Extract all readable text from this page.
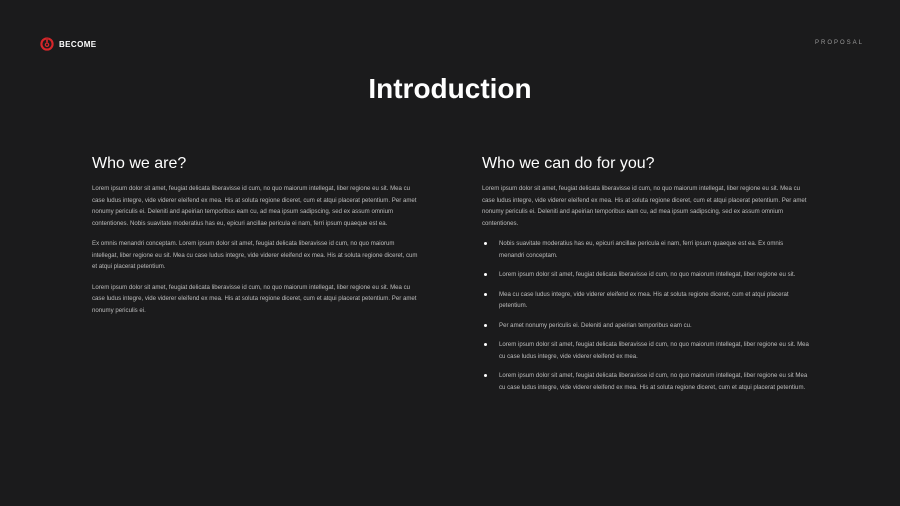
BECOME	PROPOSAL
Introduction
Who we are?

Lorem ipsum dolor sit amet, feugiat delicata liberavisse id cum, no quo maiorum intellegat, liber regione eu sit. Mea cu case ludus integre, vide viderer eleifend ex mea. His at soluta regione diceret, cum et atqui placerat petentium. Per amet nonumy periculis ei. Deleniti and apeirian temporibus eam cu, ad mea ipsum sadipscing, sed ex assum omnium contentiones. Nobis suavitate moderatius has eu, epicuri ancillae pericula ei nam, ferri ipsum quaeque est ea.

Ex omnis menandri conceptam. Lorem ipsum dolor sit amet, feugiat delicata liberavisse id cum, no quo maiorum intellegat, liber regione eu sit. Mea cu case ludus integre, vide viderer eleifend ex mea. His at soluta regione diceret, cum et atqui placerat petentium.

Lorem ipsum dolor sit amet, feugiat delicata liberavisse id cum, no quo maiorum intellegat, liber regione eu sit. Mea cu case ludus integre, vide viderer eleifend ex mea. His at soluta regione diceret, cum et atqui placerat petentium. Per amet nonumy periculis ei.

Who we can do for you?

Lorem ipsum dolor sit amet, feugiat delicata liberavisse id cum, no quo maiorum intellegat, liber regione eu sit. Mea cu case ludus integre, vide viderer eleifend ex mea. His at soluta regione diceret, cum et atqui placerat petentium. Per amet nonumy periculis ei. Deleniti and apeirian temporibus eam cu, ad mea ipsum sadipscing, sed ex assum omnium contentiones.

Nobis suavitate moderatius has eu, epicuri ancillae pericula ei nam, ferri ipsum quaeque est ea. Ex omnis menandri conceptam.
Lorem ipsum dolor sit amet, feugiat delicata liberavisse id cum, no quo maiorum intellegat, liber regione eu sit.
Mea cu case ludus integre, vide viderer eleifend ex mea. His at soluta regione diceret, cum et atqui placerat petentium.
Per amet nonumy periculis ei. Deleniti and apeirian temporibus eam cu.
Lorem ipsum dolor sit amet, feugiat delicata liberavisse id cum, no quo maiorum intellegat, liber regione eu sit. Mea cu case ludus integre, vide viderer eleifend ex mea.
Lorem ipsum dolor sit amet, feugiat delicata liberavisse id cum, no quo maiorum intellegat, liber regione eu sit Mea cu case ludus integre, vide viderer eleifend ex mea. His at soluta regione diceret, cum et atqui placerat petentium.
